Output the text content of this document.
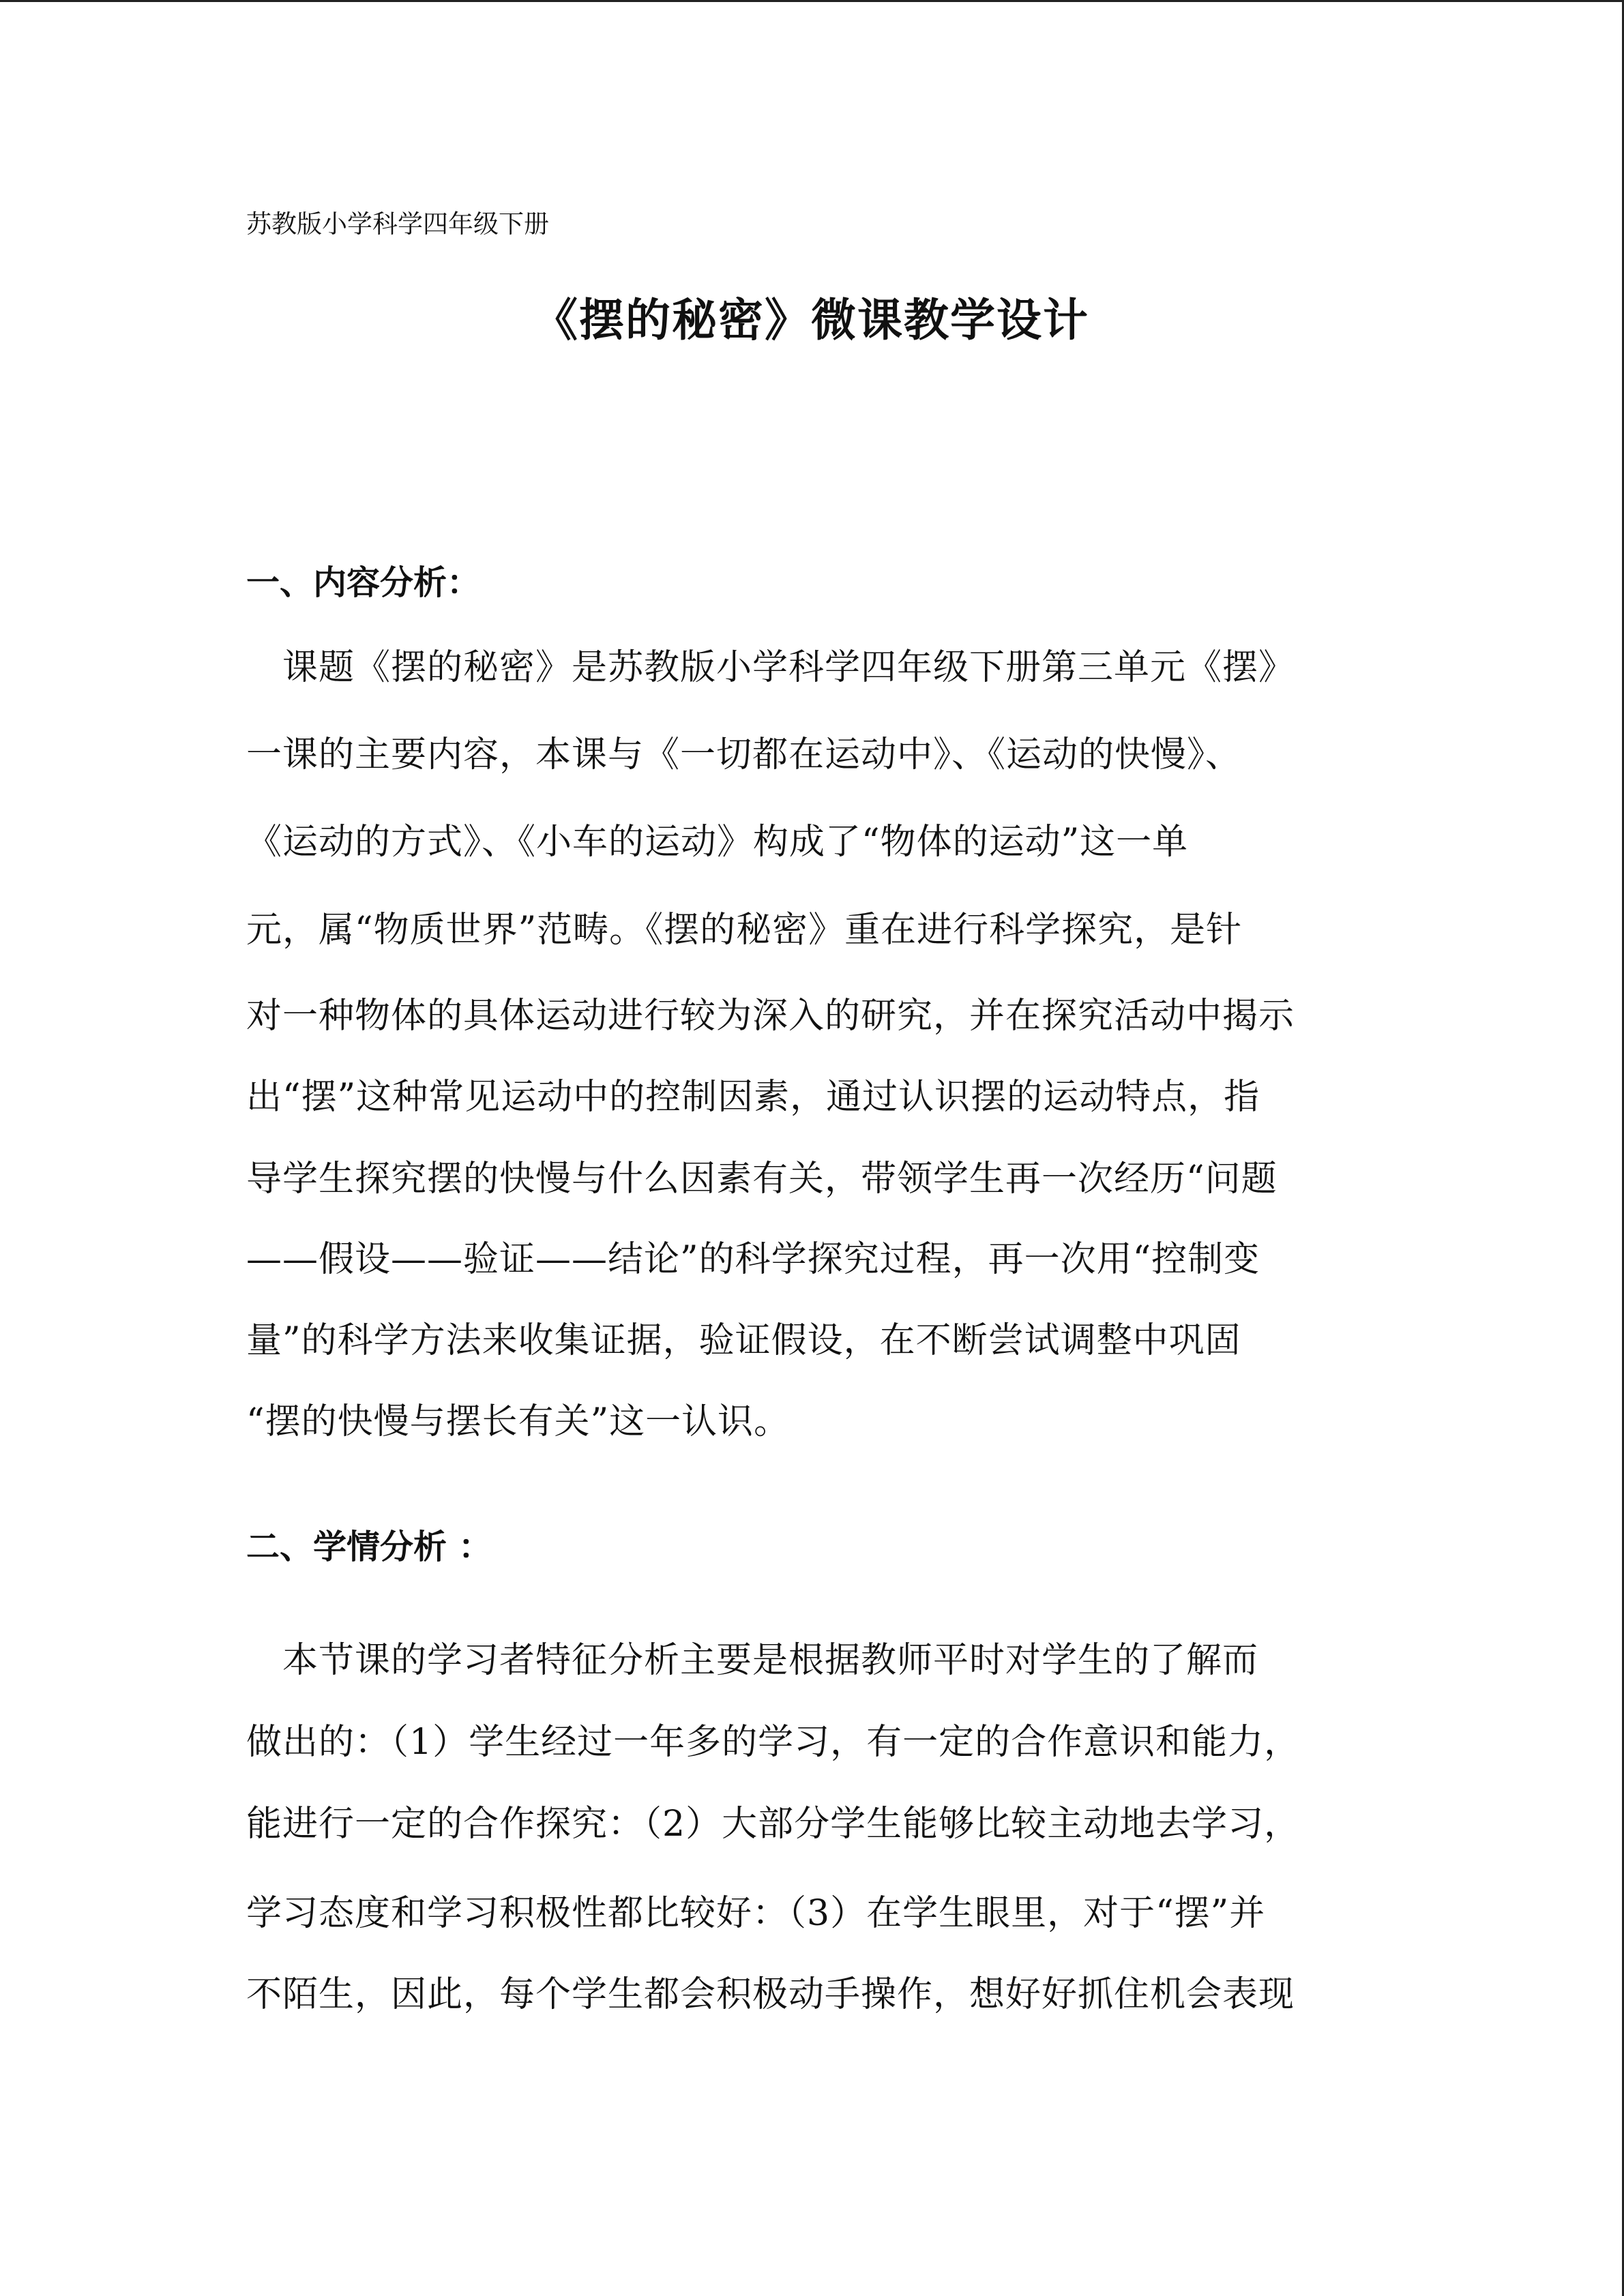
苏教版小学科学四年级下册
《摆的秘密》微课教学设计
一、内容分析：
　课题《摆的秘密》是苏教版小学科学四年级下册第三单元《摆》
一课的主要内容，本课与《一切都在运动中》、《运动的快慢》、
《运动的方式》、《小车的运动》构成了“物体的运动”这一单
元，属“物质世界”范畴。《摆的秘密》重在进行科学探究，是针
对一种物体的具体运动进行较为深入的研究，并在探究活动中揭示
出“摆”这种常见运动中的控制因素，通过认识摆的运动特点，指
导学生探究摆的快慢与什么因素有关，带领学生再一次经历“问题
——假设——验证——结论”的科学探究过程，再一次用“控制变
量”的科学方法来收集证据，验证假设，在不断尝试调整中巩固
“摆的快慢与摆长有关”这一认识。
二、学情分析 ：
　本节课的学习者特征分析主要是根据教师平时对学生的了解而
做出的：（1）学生经过一年多的学习，有一定的合作意识和能力，
能进行一定的合作探究：（2）大部分学生能够比较主动地去学习，
学习态度和学习积极性都比较好：（3）在学生眼里，对于“摆”并
不陌生，因此，每个学生都会积极动手操作，想好好抓住机会表现
